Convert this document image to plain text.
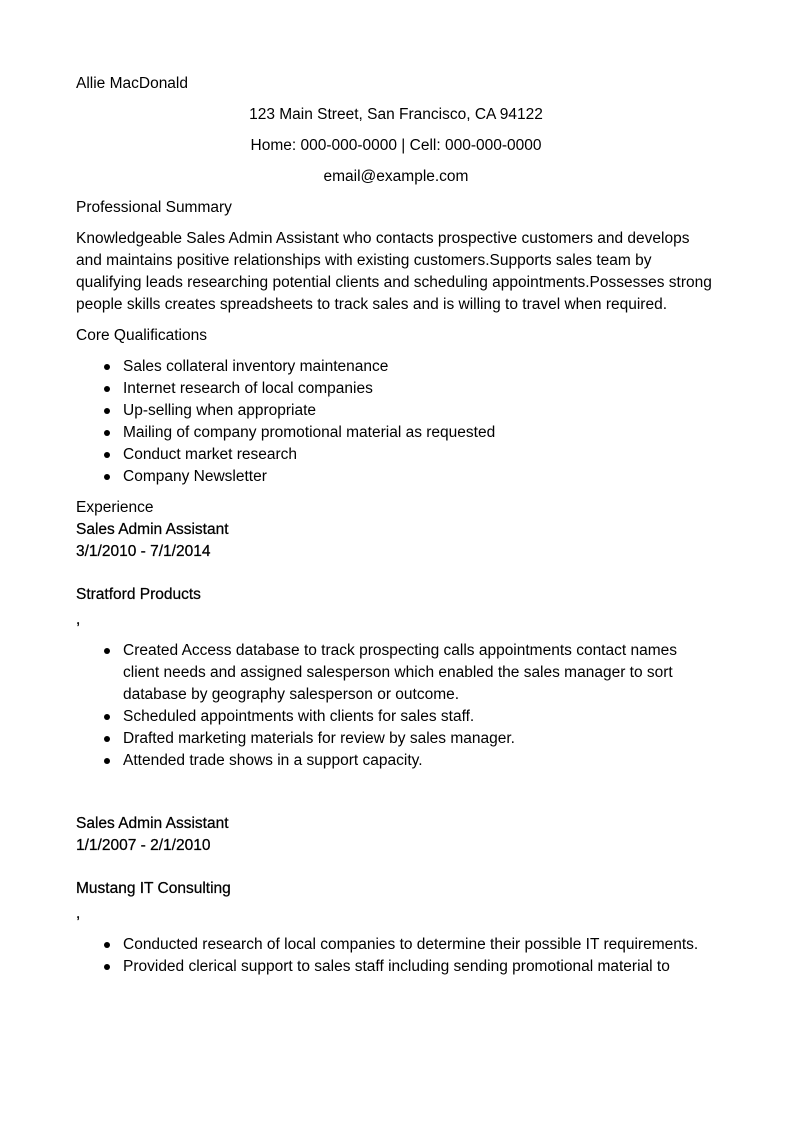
Allie MacDonald

123 Main Street, San Francisco, CA 94122

Home: 000-000-0000 | Cell: 000-000-0000

email@example.com

Professional Summary

Knowledgeable Sales Admin Assistant who contacts prospective customers and develops and maintains positive relationships with existing customers.Supports sales team by qualifying leads researching potential clients and scheduling appointments.Possesses strong people skills creates spreadsheets to track sales and is willing to travel when required.

Core Qualifications

Sales collateral inventory maintenance
Internet research of local companies
Up-selling when appropriate
Mailing of company promotional material as requested
Conduct market research
Company Newsletter

Experience

Sales Admin Assistant

3/1/2010 - 7/1/2014

Stratford Products

,

Created Access database to track prospecting calls appointments contact names client needs and assigned salesperson which enabled the sales manager to sort database by geography salesperson or outcome.
Scheduled appointments with clients for sales staff.
Drafted marketing materials for review by sales manager.
Attended trade shows in a support capacity.

Sales Admin Assistant

1/1/2007 - 2/1/2010

Mustang IT Consulting

,

Conducted research of local companies to determine their possible IT requirements.
Provided clerical support to sales staff including sending promotional material to
